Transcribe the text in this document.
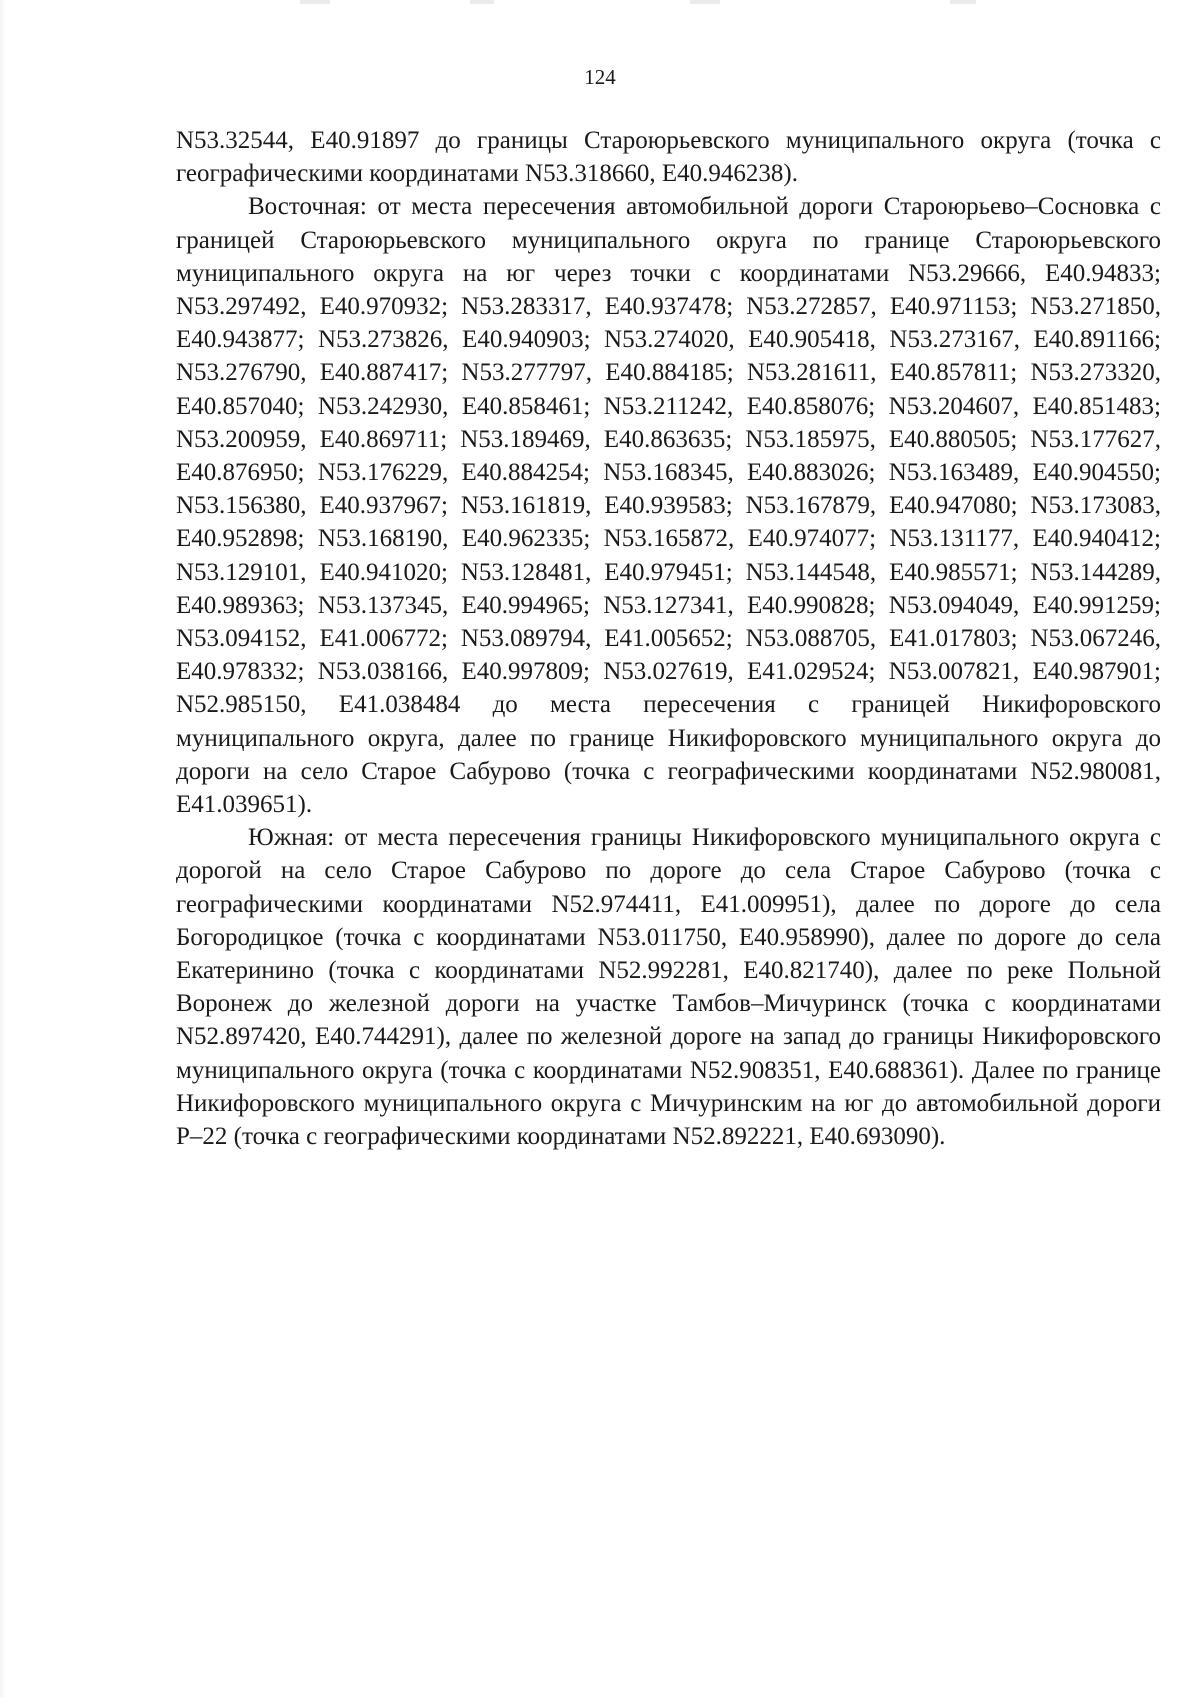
124

N53.32544, E40.91897 до границы Староюрьевского муниципального округа (точка с географическими координатами N53.318660, E40.946238).

Восточная: от места пересечения автомобильной дороги Староюрьево–Сосновка с границей Староюрьевского муниципального округа по границе Староюрьевского муниципального округа на юг через точки с координатами N53.29666, E40.94833; N53.297492, E40.970932; N53.283317, E40.937478; N53.272857, E40.971153; N53.271850, E40.943877; N53.273826, E40.940903; N53.274020, E40.905418, N53.273167, E40.891166; N53.276790, E40.887417; N53.277797, E40.884185; N53.281611, E40.857811; N53.273320, E40.857040; N53.242930, E40.858461; N53.211242, E40.858076; N53.204607, E40.851483; N53.200959, E40.869711; N53.189469, E40.863635; N53.185975, E40.880505; N53.177627, E40.876950; N53.176229, E40.884254; N53.168345, E40.883026; N53.163489, E40.904550; N53.156380, E40.937967; N53.161819, E40.939583; N53.167879, E40.947080; N53.173083, E40.952898; N53.168190, E40.962335; N53.165872, E40.974077; N53.131177, E40.940412; N53.129101, E40.941020; N53.128481, E40.979451; N53.144548, E40.985571; N53.144289, E40.989363; N53.137345, E40.994965; N53.127341, E40.990828; N53.094049, E40.991259; N53.094152, E41.006772; N53.089794, E41.005652; N53.088705, E41.017803; N53.067246, E40.978332; N53.038166, E40.997809; N53.027619, E41.029524; N53.007821, E40.987901; N52.985150, E41.038484 до места пересечения с границей Никифоровского муниципального округа, далее по границе Никифоровского муниципального округа до дороги на село Старое Сабурово (точка с географическими координатами N52.980081, E41.039651).

Южная: от места пересечения границы Никифоровского муниципального округа с дорогой на село Старое Сабурово по дороге до села Старое Сабурово (точка с географическими координатами N52.974411, E41.009951), далее по дороге до села Богородицкое (точка с координатами N53.011750, E40.958990), далее по дороге до села Екатеринино (точка с координатами N52.992281, E40.821740), далее по реке Польной Воронеж до железной дороги на участке Тамбов–Мичуринск (точка с координатами N52.897420, E40.744291), далее по железной дороге на запад до границы Никифоровского муниципального округа (точка с координатами N52.908351, E40.688361). Далее по границе Никифоровского муниципального округа с Мичуринским на юг до автомобильной дороги Р–22 (точка с географическими координатами N52.892221, E40.693090).
